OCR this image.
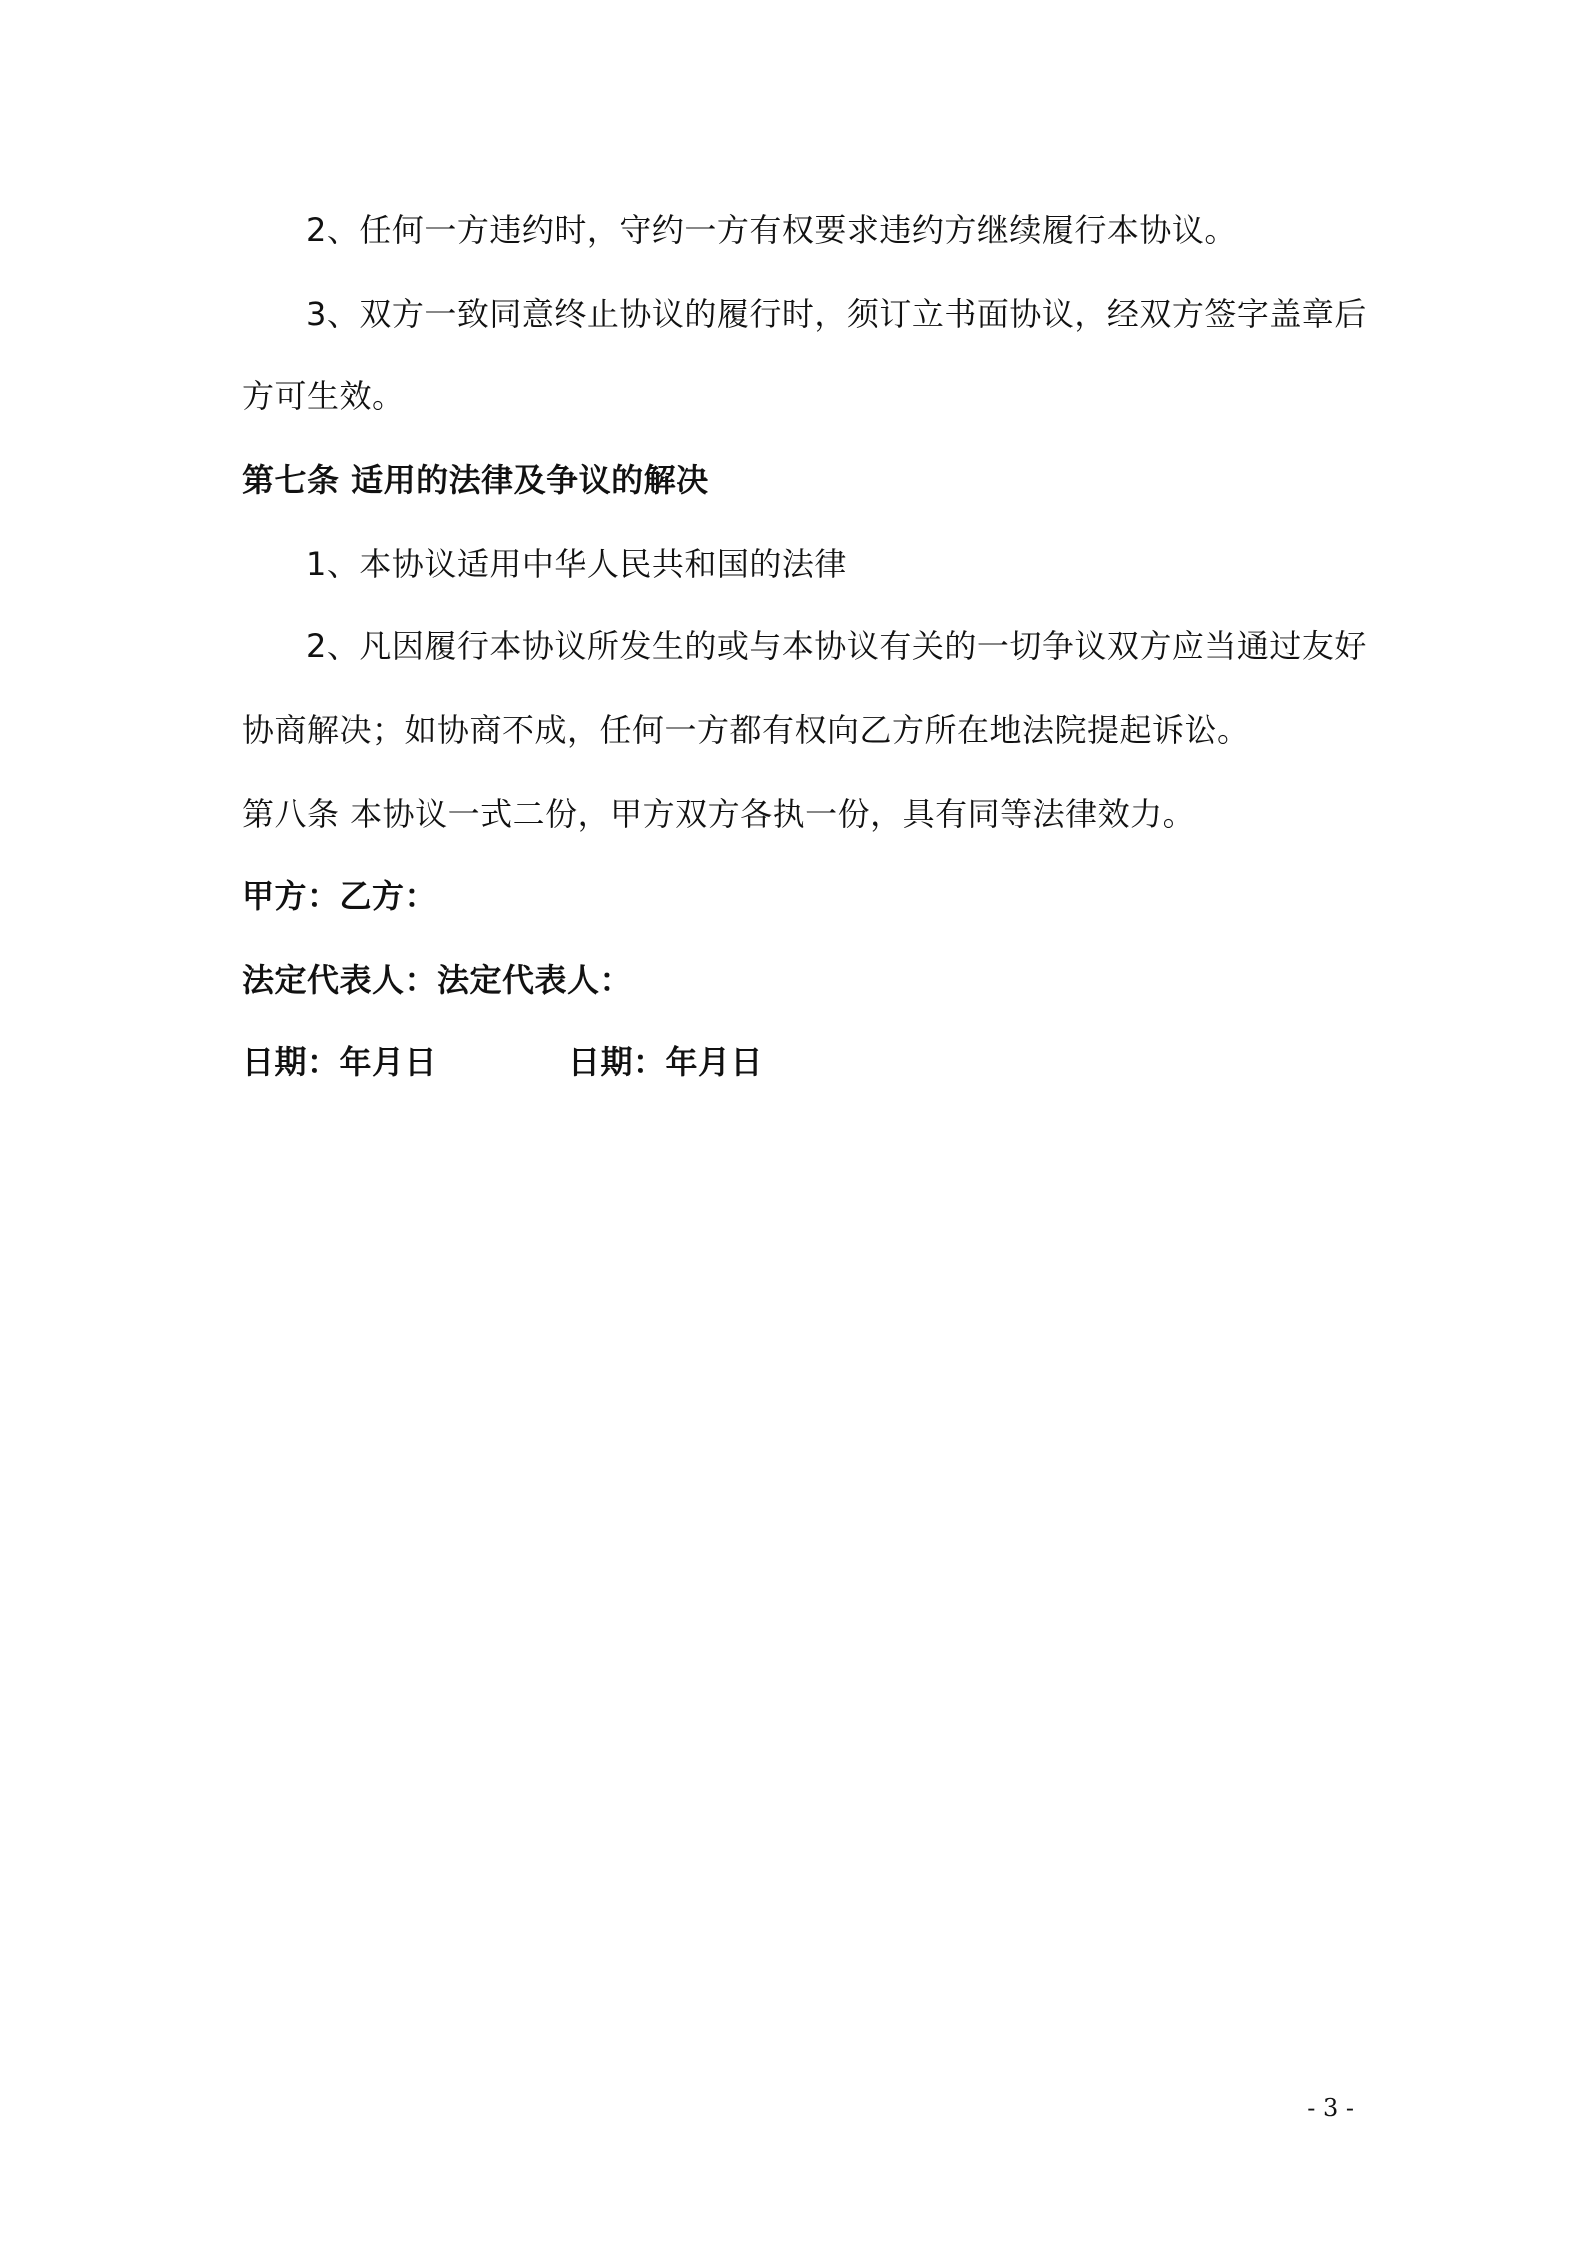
2、任何一方违约时，守约一方有权要求违约方继续履行本协议。
3、双方一致同意终止协议的履行时，须订立书面协议，经双方签字盖章后
方可生效。
第七条 适用的法律及争议的解决
1、本协议适用中华人民共和国的法律
2、凡因履行本协议所发生的或与本协议有关的一切争议双方应当通过友好
协商解决；如协商不成，任何一方都有权向乙方所在地法院提起诉讼。
第八条 本协议一式二份，甲方双方各执一份，具有同等法律效力。
甲方：乙方：
法定代表人：法定代表人：
日期：年月日	日期：年月日
- 3 -
